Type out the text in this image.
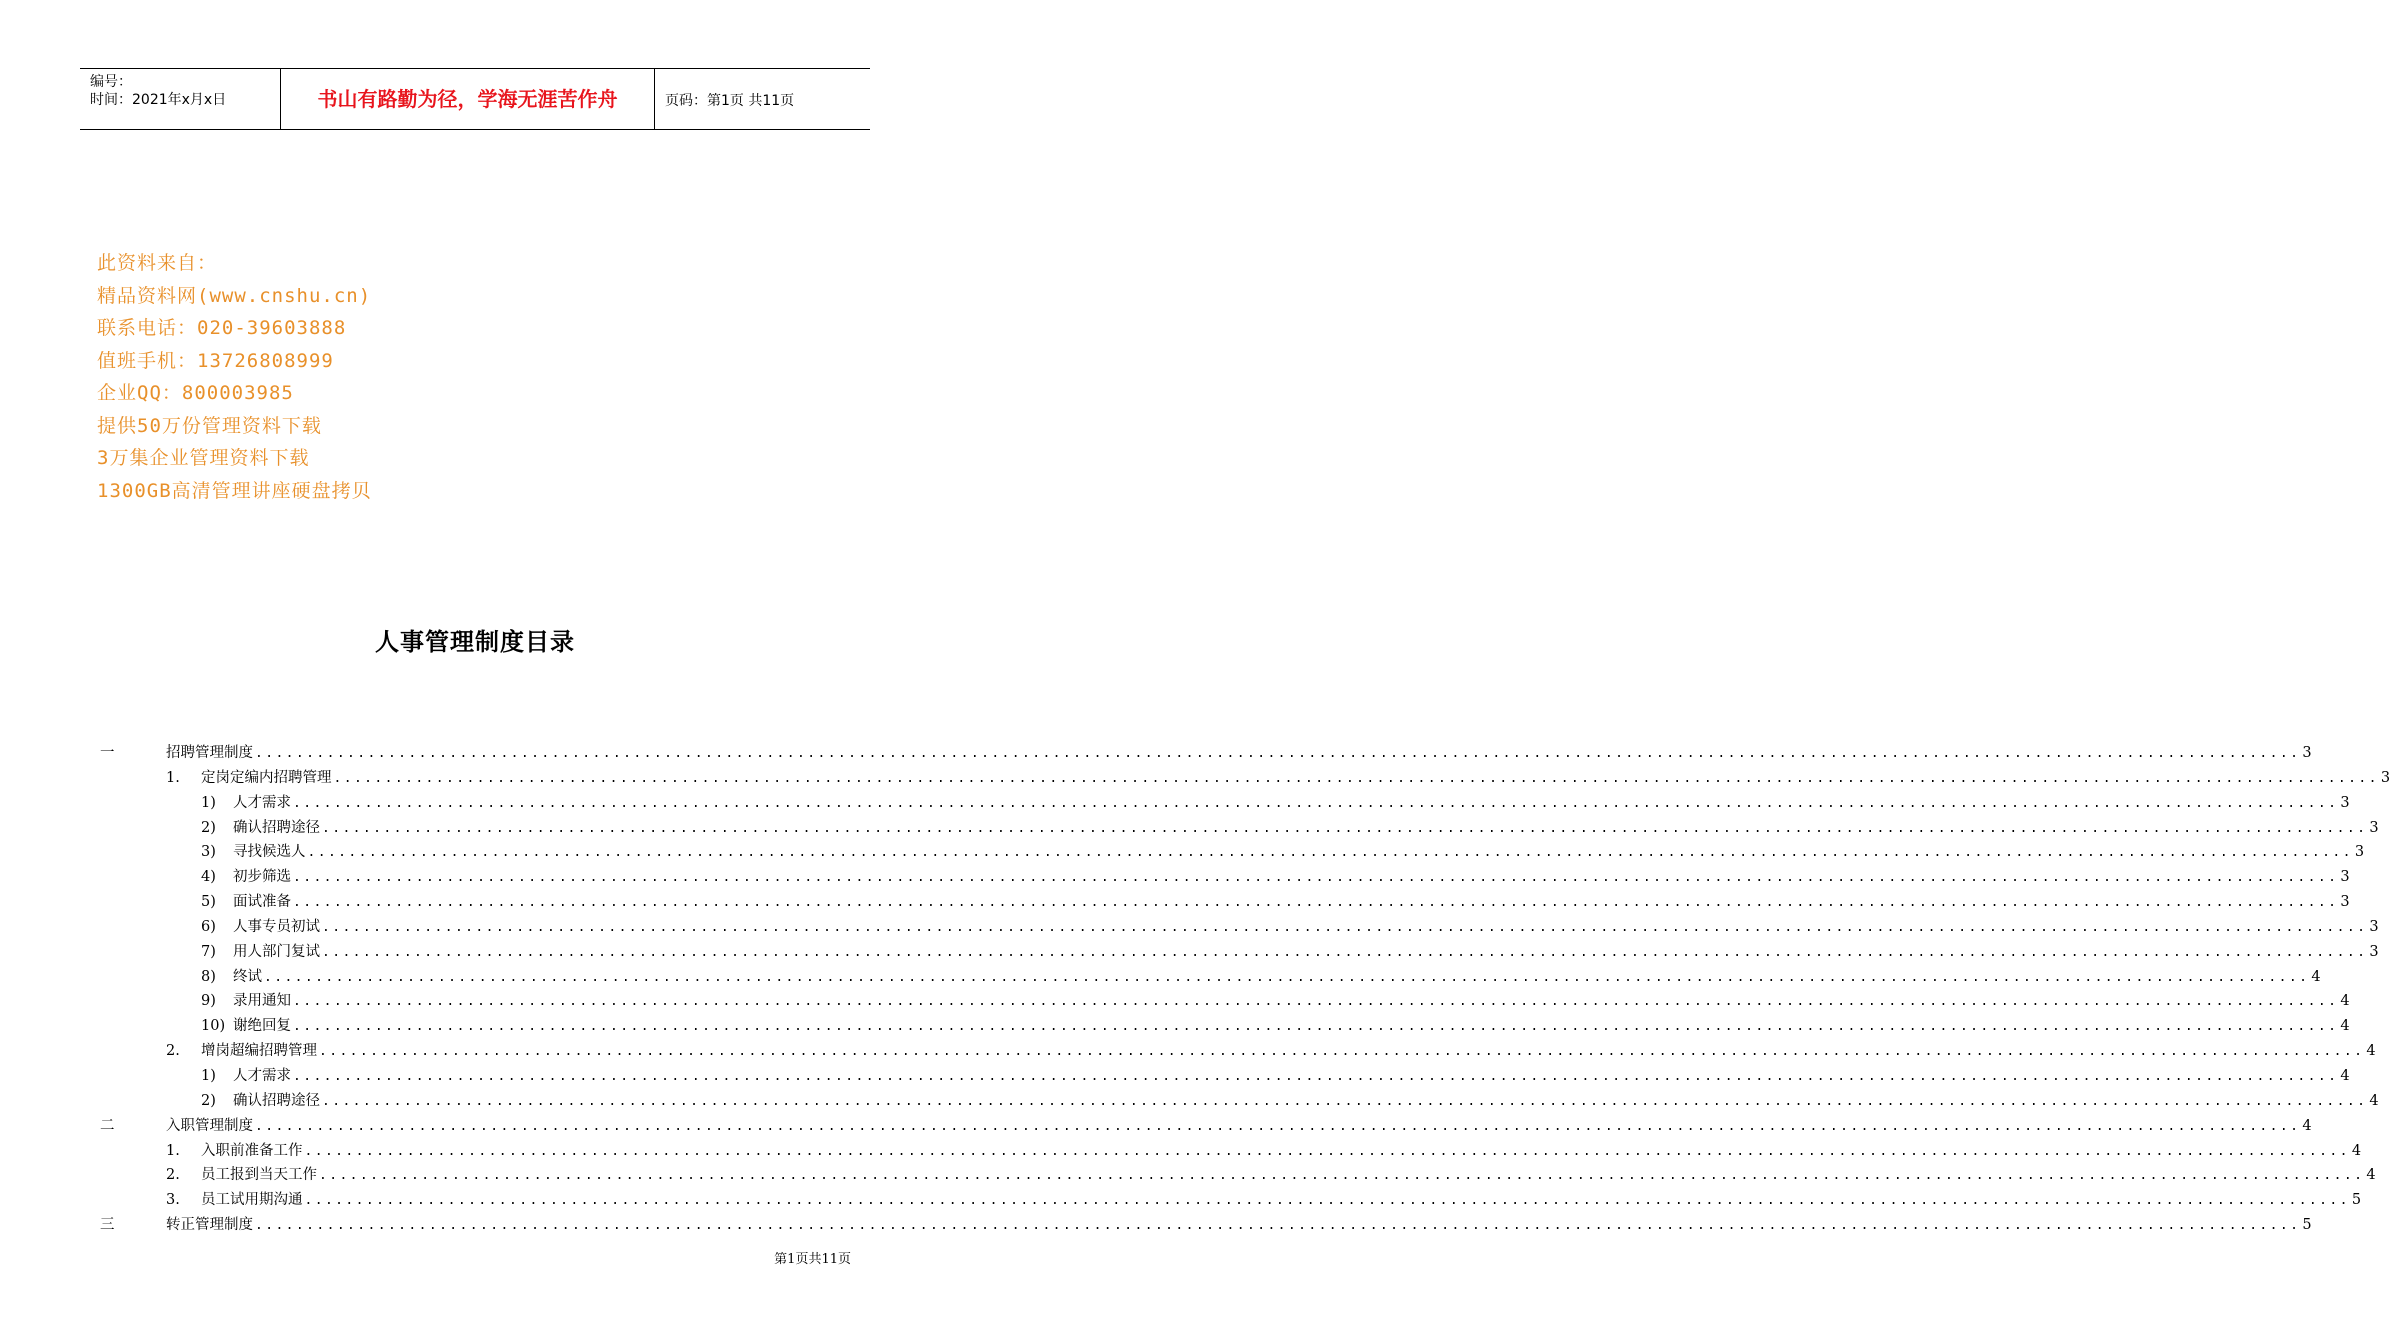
编号：
时间：2021年x月x日	书山有路勤为径，学海无涯苦作舟	页码：第1页 共11页
此资料来自：
精品资料网(www.cnshu.cn)
联系电话：020-39603888
值班手机：13726808999
企业QQ：800003985
提供50万份管理资料下载
3万集企业管理资料下载
1300GB高清管理讲座硬盘拷贝
人事管理制度目录
一	招聘管理制度 ........................................................................................................................................................................................................ 3
1. 定岗定编内招聘管理 ........................................................................................................................................................................................................ 3
1) 人才需求 ........................................................................................................................................................................................................ 3
2) 确认招聘途径 ........................................................................................................................................................................................................ 3
3) 寻找候选人 ........................................................................................................................................................................................................ 3
4) 初步筛选 ........................................................................................................................................................................................................ 3
5) 面试准备 ........................................................................................................................................................................................................ 3
6) 人事专员初试 ........................................................................................................................................................................................................ 3
7) 用人部门复试 ........................................................................................................................................................................................................ 3
8) 终试 ........................................................................................................................................................................................................ 4
9) 录用通知 ........................................................................................................................................................................................................ 4
10) 谢绝回复 ........................................................................................................................................................................................................ 4
2. 增岗超编招聘管理 ........................................................................................................................................................................................................ 4
1) 人才需求 ........................................................................................................................................................................................................ 4
2) 确认招聘途径 ........................................................................................................................................................................................................ 4
二	入职管理制度 ........................................................................................................................................................................................................ 4
1. 入职前准备工作 ........................................................................................................................................................................................................ 4
2. 员工报到当天工作 ........................................................................................................................................................................................................ 4
3. 员工试用期沟通 ........................................................................................................................................................................................................ 5
三	转正管理制度 ........................................................................................................................................................................................................ 5
第1页共11页
